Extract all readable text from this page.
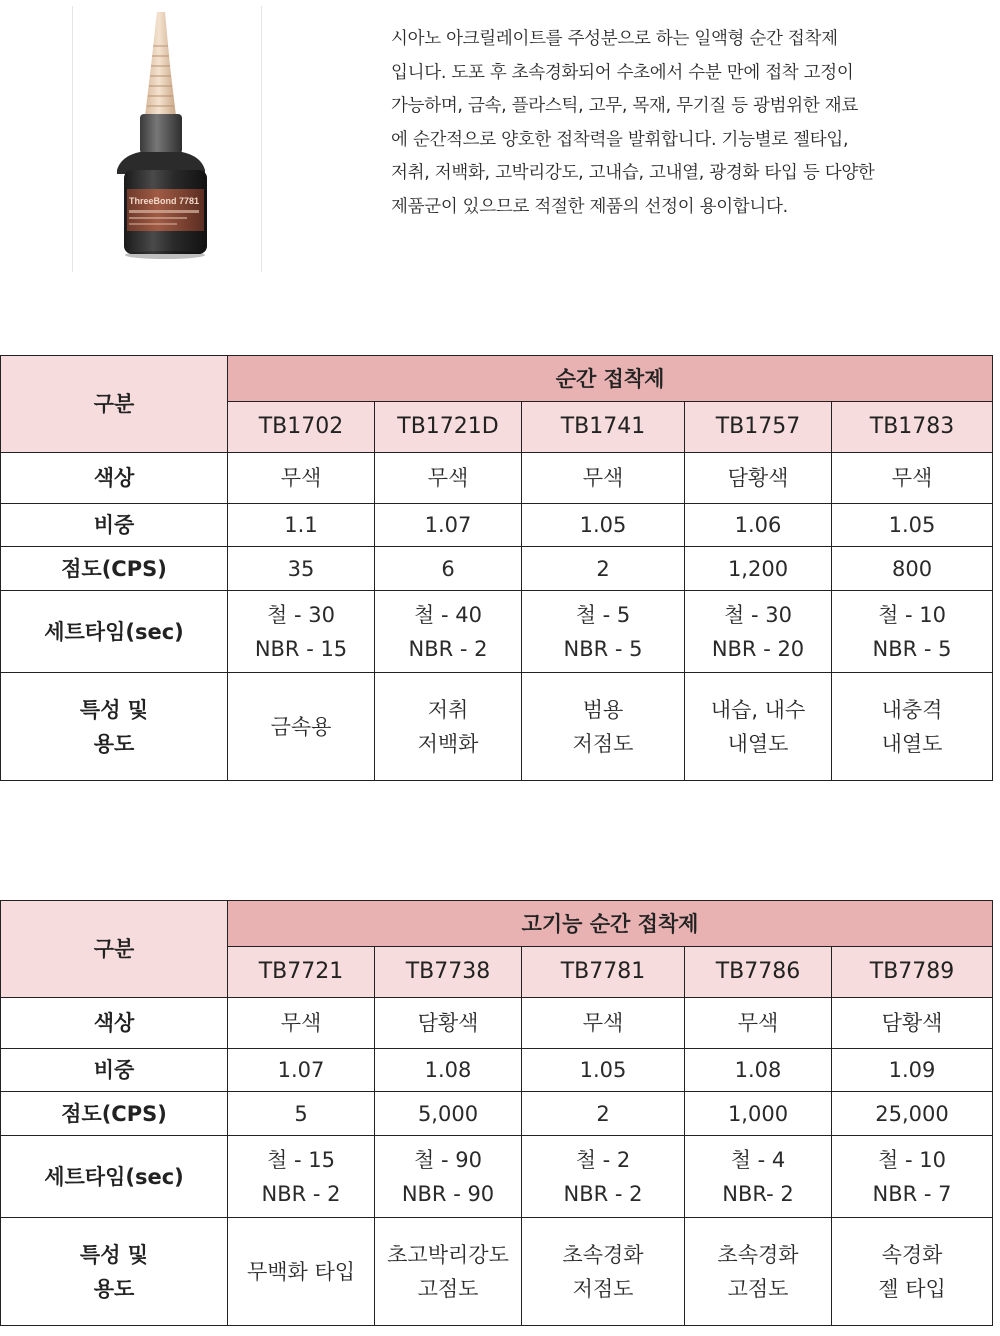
ThreeBond 7781

시아노 아크릴레이트를 주성분으로 하는 일액형 순간 접착제
입니다. 도포 후 초속경화되어 수초에서 수분 만에 접착 고정이
가능하며, 금속, 플라스틱, 고무, 목재, 무기질 등 광범위한 재료
에 순간적으로 양호한 접착력을 발휘합니다. 기능별로 젤타입,
저취, 저백화, 고박리강도, 고내습, 고내열, 광경화 타입 등 다양한
제품군이 있으므로 적절한 제품의 선정이 용이합니다.

구분	순간 접착제				
	TB1702	TB1721D	TB1741	TB1757	TB1783
색상	무색	무색	무색	담황색	무색
비중	1.1	1.07	1.05	1.06	1.05
점도(CPS)	35	6	2	1,200	800
세트타임(sec)	철 - 30
NBR - 15	철 - 40
NBR - 2	철 - 5
NBR - 5	철 - 30
NBR - 20	철 - 10
NBR - 5

특성 및
용도	금속용	저취
저백화	범용
저점도	내습, 내수
내열도	내충격
내열도
구분	고기능 순간 접착제				
	TB7721	TB7738	TB7781	TB7786	TB7789
색상	무색	담황색	무색	무색	담황색
비중	1.07	1.08	1.05	1.08	1.09
점도(CPS)	5	5,000	2	1,000	25,000
세트타임(sec)	철 - 15
NBR - 2	철 - 90
NBR - 90	철 - 2
NBR - 2	철 - 4
NBR- 2	철 - 10
NBR - 7

특성 및
용도	무백화 타입	초고박리강도
고점도	초속경화
저점도	초속경화
고점도	속경화
젤 타입
